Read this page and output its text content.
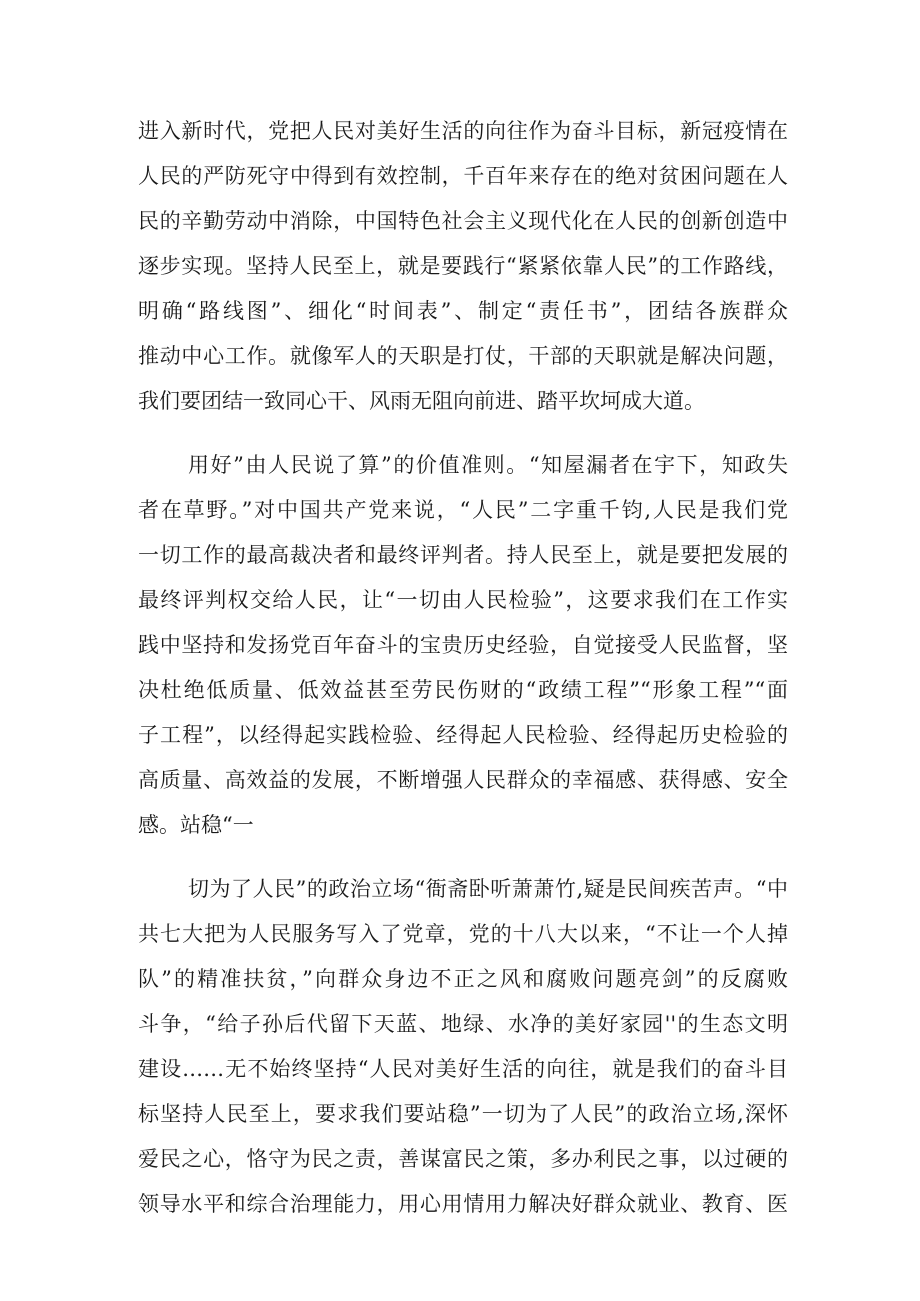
进入新时代，党把人民对美好生活的向往作为奋斗目标，新冠疫情在
人民的严防死守中得到有效控制，千百年来存在的绝对贫困问题在人
民的辛勤劳动中消除，中国特色社会主义现代化在人民的创新创造中
逐步实现。坚持人民至上，就是要践行“紧紧依靠人民”的工作路线，
明确“路线图”、细化“时间表”、制定“责任书”，团结各族群众
推动中心工作。就像军人的天职是打仗，干部的天职就是解决问题，
我们要团结一致同心干、风雨无阻向前进、踏平坎坷成大道。
用好”由人民说了算”的价值准则。“知屋漏者在宇下，知政失
者在草野。”对中国共产党来说，“人民”二字重千钧,人民是我们党
一切工作的最高裁决者和最终评判者。持人民至上，就是要把发展的
最终评判权交给人民，让“一切由人民检验”，这要求我们在工作实
践中坚持和发扬党百年奋斗的宝贵历史经验，自觉接受人民监督，坚
决杜绝低质量、低效益甚至劳民伤财的“政绩工程”“形象工程”“面
子工程”，以经得起实践检验、经得起人民检验、经得起历史检验的
高质量、高效益的发展，不断增强人民群众的幸福感、获得感、安全
感。站稳“一
切为了人民”的政治立场“衙斋卧听萧萧竹,疑是民间疾苦声。“中
共七大把为人民服务写入了党章，党的十八大以来，“不让一个人掉
队”的精准扶贫，”向群众身边不正之风和腐败问题亮剑”的反腐败
斗争，“给子孙后代留下天蓝、地绿、水净的美好家园''的生态文明
建设……无不始终坚持“人民对美好生活的向往，就是我们的奋斗目
标坚持人民至上，要求我们要站稳”一切为了人民”的政治立场,深怀
爱民之心，恪守为民之责，善谋富民之策，多办利民之事，以过硬的
领导水平和综合治理能力，用心用情用力解决好群众就业、教育、医
